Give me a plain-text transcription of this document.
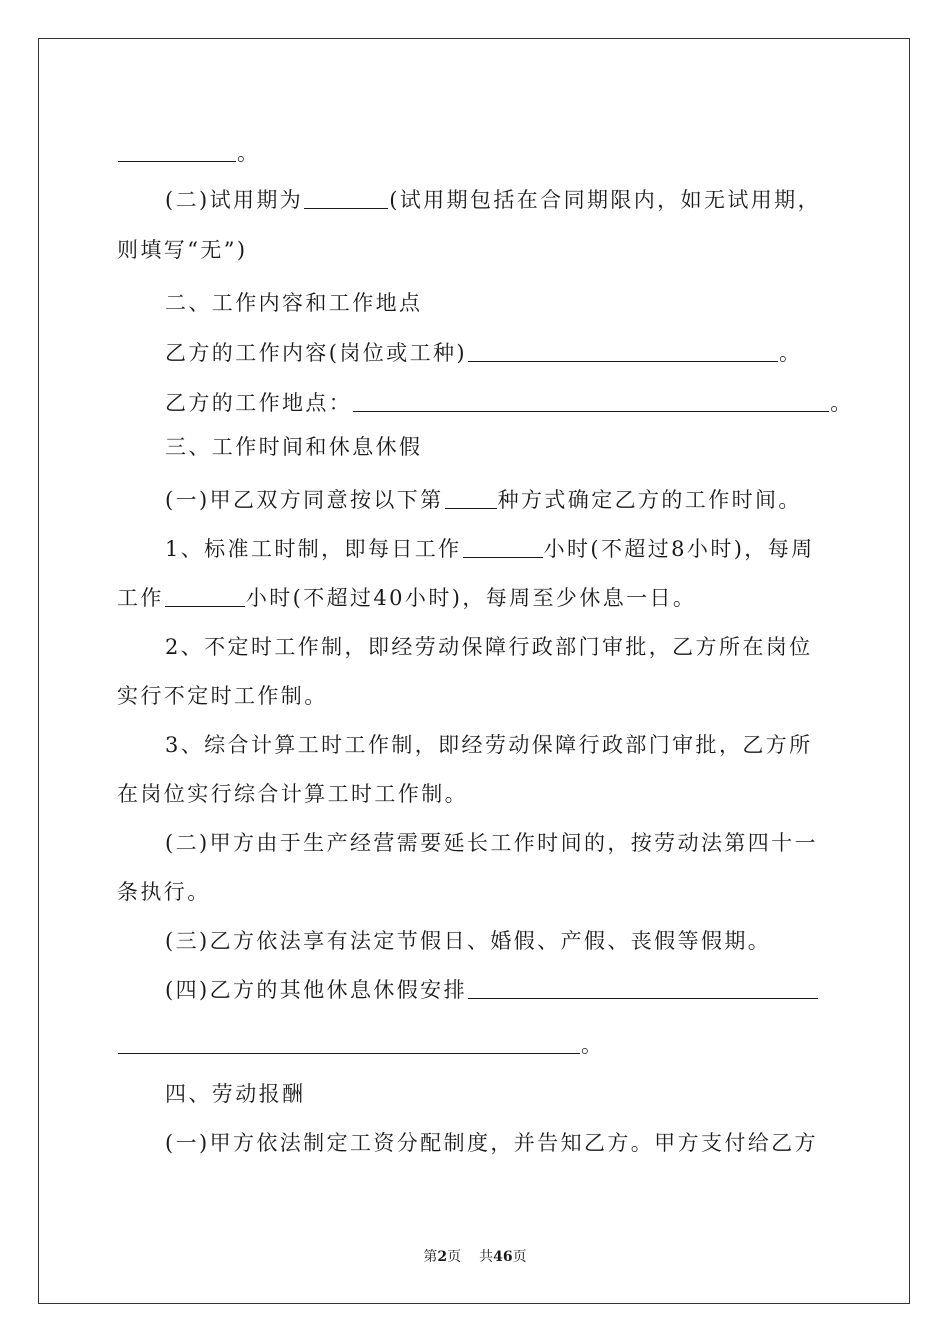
。
(二)试用期为	(试用期包括在合同期限内，如无试用期，
则填写“无”)
二、工作内容和工作地点
乙方的工作内容(岗位或工种)	。
乙方的工作地点：	。
三、工作时间和休息休假
(一)甲乙双方同意按以下第	种方式确定乙方的工作时间。
1、标准工时制，即每日工作	小时(不超过8小时)，每周
工作	小时(不超过40小时)，每周至少休息一日。
2、不定时工作制，即经劳动保障行政部门审批，乙方所在岗位
实行不定时工作制。
3、综合计算工时工作制，即经劳动保障行政部门审批，乙方所
在岗位实行综合计算工时工作制。
(二)甲方由于生产经营需要延长工作时间的，按劳动法第四十一
条执行。
(三)乙方依法享有法定节假日、婚假、产假、丧假等假期。
(四)乙方的其他休息休假安排
。
四、劳动报酬
(一)甲方依法制定工资分配制度，并告知乙方。甲方支付给乙方
第2页 共46页
